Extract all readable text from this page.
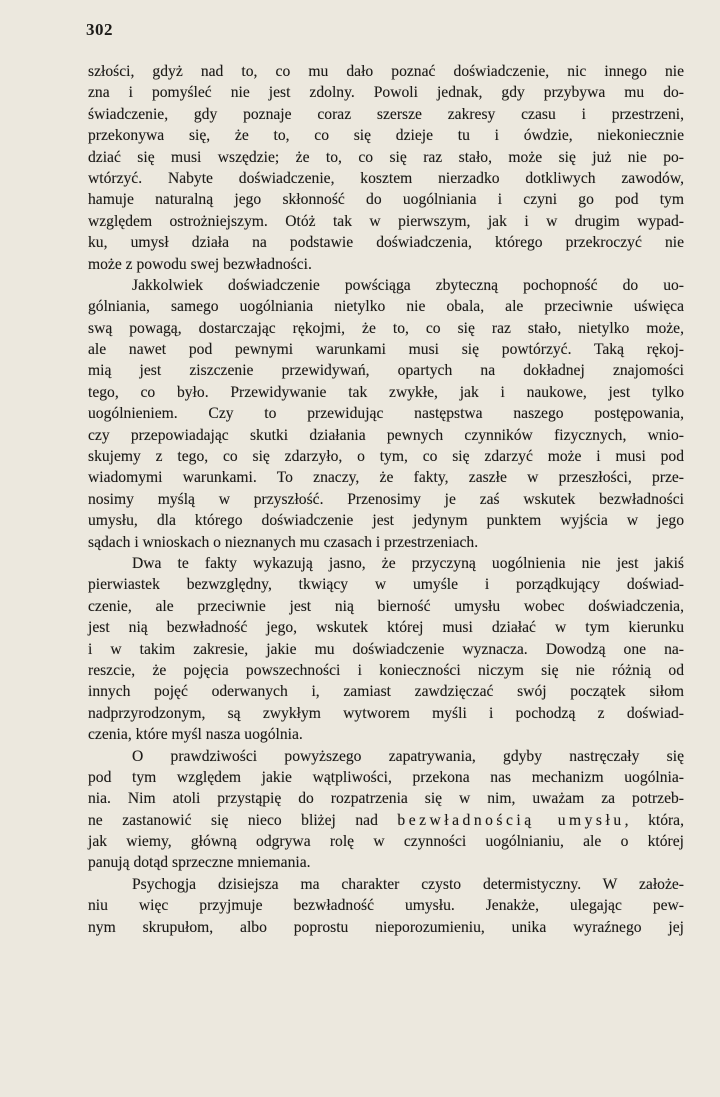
302
szłości, gdyż nad to, co mu dało poznać doświadczenie, nic innego nie
zna i pomyśleć nie jest zdolny. Powoli jednak, gdy przybywa mu do-
świadczenie, gdy poznaje coraz szersze zakresy czasu i przestrzeni,
przekonywa się, że to, co się dzieje tu i ówdzie, niekoniecznie
dziać się musi wszędzie; że to, co się raz stało, może się już nie po-
wtórzyć. Nabyte doświadczenie, kosztem nierzadko dotkliwych zawodów,
hamuje naturalną jego skłonność do uogólniania i czyni go pod tym
względem ostrożniejszym. Otóż tak w pierwszym, jak i w drugim wypad-
ku, umysł działa na podstawie doświadczenia, którego przekroczyć nie
może z powodu swej bezwładności.
Jakkolwiek doświadczenie powściąga zbyteczną pochopność do uo-
gólniania, samego uogólniania nietylko nie obala, ale przeciwnie uświęca
swą powagą, dostarczając rękojmi, że to, co się raz stało, nietylko może,
ale nawet pod pewnymi warunkami musi się powtórzyć. Taką rękoj-
mią jest ziszczenie przewidywań, opartych na dokładnej znajomości
tego, co było. Przewidywanie tak zwykłe, jak i naukowe, jest tylko
uogólnieniem. Czy to przewidując następstwa naszego postępowania,
czy przepowiadając skutki działania pewnych czynników fizycznych, wnio-
skujemy z tego, co się zdarzyło, o tym, co się zdarzyć może i musi pod
wiadomymi warunkami. To znaczy, że fakty, zaszłe w przeszłości, prze-
nosimy myślą w przyszłość. Przenosimy je zaś wskutek bezwładności
umysłu, dla którego doświadczenie jest jedynym punktem wyjścia w jego
sądach i wnioskach o nieznanych mu czasach i przestrzeniach.
Dwa te fakty wykazują jasno, że przyczyną uogólnienia nie jest jakiś
pierwiastek bezwzględny, tkwiący w umyśle i porządkujący doświad-
czenie, ale przeciwnie jest nią bierność umysłu wobec doświadczenia,
jest nią bezwładność jego, wskutek której musi działać w tym kierunku
i w takim zakresie, jakie mu doświadczenie wyznacza. Dowodzą one na-
reszcie, że pojęcia powszechności i konieczności niczym się nie różnią od
innych pojęć oderwanych i, zamiast zawdzięczać swój początek siłom
nadprzyrodzonym, są zwykłym wytworem myśli i pochodzą z doświad-
czenia, które myśl nasza uogólnia.
O prawdziwości powyższego zapatrywania, gdyby nastręczały się
pod tym względem jakie wątpliwości, przekona nas mechanizm uogólnia-
nia. Nim atoli przystąpię do rozpatrzenia się w nim, uważam za potrzeb-
ne zastanowić się nieco bliżej nad bezwładnością umysłu, która,
jak wiemy, główną odgrywa rolę w czynności uogólnianiu, ale o której
panują dotąd sprzeczne mniemania.
Psychogja dzisiejsza ma charakter czysto determistyczny. W założe-
niu więc przyjmuje bezwładność umysłu. Jenakże, ulegając pew-
nym skrupułom, albo poprostu nieporozumieniu, unika wyraźnego jej
